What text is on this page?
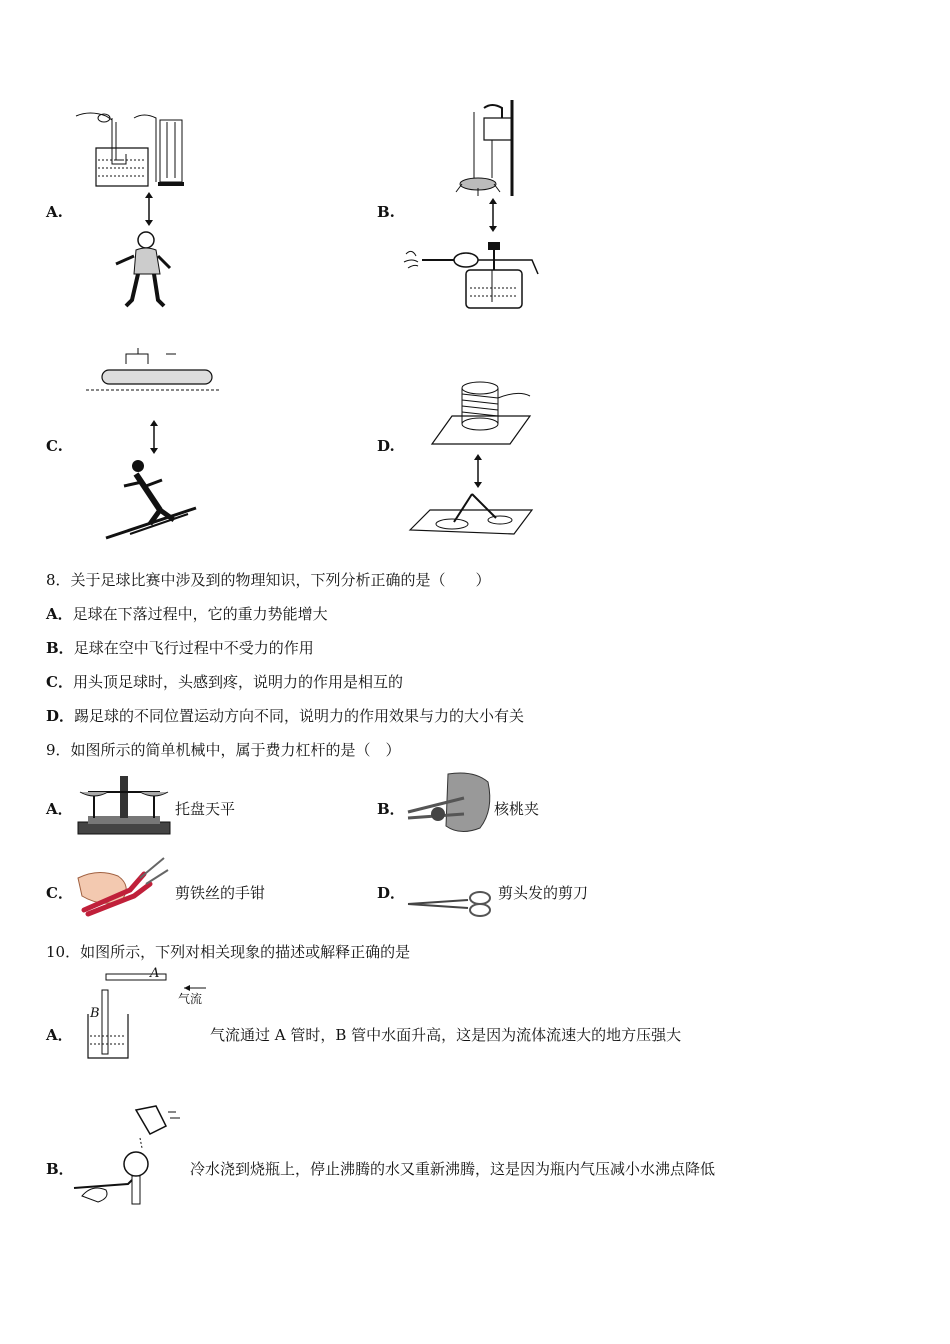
A.	B.
C.	D.
8．关于足球比赛中涉及到的物理知识，下列分析正确的是（　　）
A．足球在下落过程中，它的重力势能增大
B．足球在空中飞行过程中不受力的作用
C．用头顶足球时，头感到疼，说明力的作用是相互的
D．踢足球的不同位置运动方向不同，说明力的作用效果与力的大小有关
9．如图所示的简单机械中，属于费力杠杆的是（　）
A．	托盘天平	B．	核桃夹
C．	剪铁丝的手钳	D．	剪头发的剪刀
10．如图所示，下列对相关现象的描述或解释正确的是
A．
A
B
气流
气流通过 A 管时，B 管中水面升高，这是因为流体流速大的地方压强大
B．	冷水浇到烧瓶上，停止沸腾的水又重新沸腾，这是因为瓶内气压减小水沸点降低
